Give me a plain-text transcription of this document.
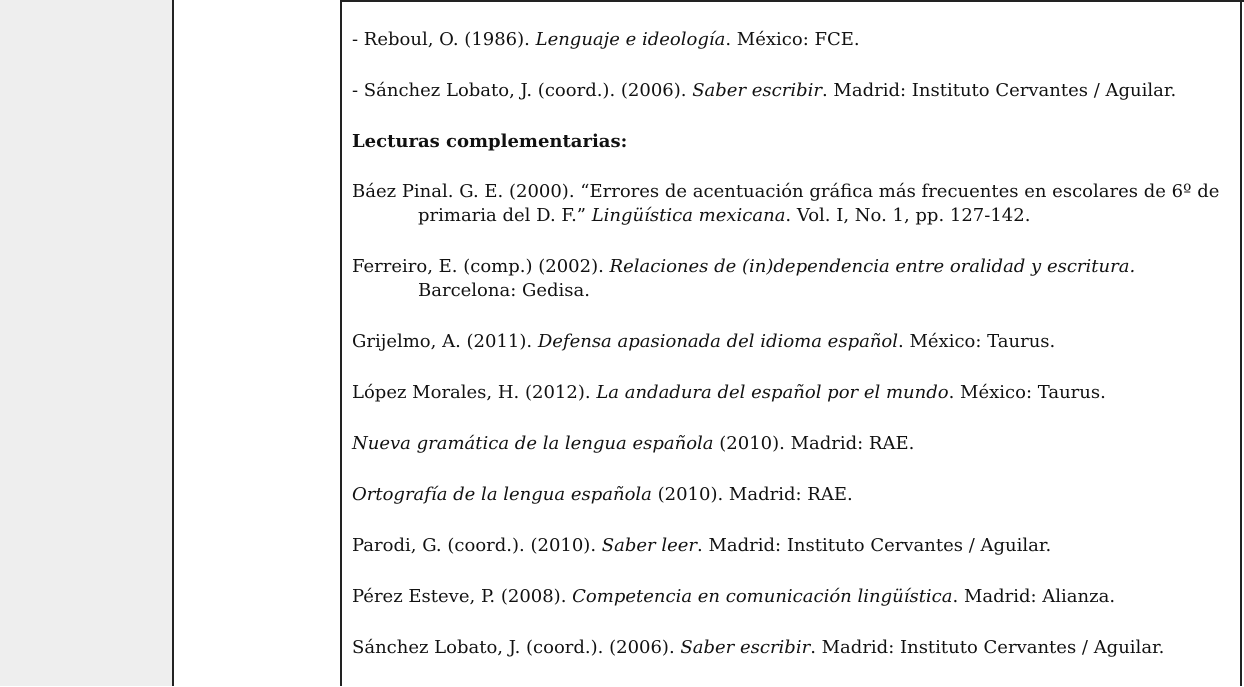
- Reboul, O. (1986). Lenguaje e ideología. México: FCE.
- Sánchez Lobato, J. (coord.). (2006). Saber escribir. Madrid: Instituto Cervantes / Aguilar.
Lecturas complementarias:
Báez Pinal. G. E. (2000). “Errores de acentuación gráfica más frecuentes en escolares de 6º de primaria del D. F.” Lingüística mexicana. Vol. I, No. 1, pp. 127-142.
Ferreiro, E. (comp.) (2002). Relaciones de (in)dependencia entre oralidad y escritura. Barcelona: Gedisa.
Grijelmo, A. (2011). Defensa apasionada del idioma español. México: Taurus.
López Morales, H. (2012). La andadura del español por el mundo. México: Taurus.
Nueva gramática de la lengua española (2010). Madrid: RAE.
Ortografía de la lengua española (2010). Madrid: RAE.
Parodi, G. (coord.). (2010). Saber leer. Madrid: Instituto Cervantes / Aguilar.
Pérez Esteve, P. (2008). Competencia en comunicación lingüística. Madrid: Alianza.
Sánchez Lobato, J. (coord.). (2006). Saber escribir. Madrid: Instituto Cervantes / Aguilar.
